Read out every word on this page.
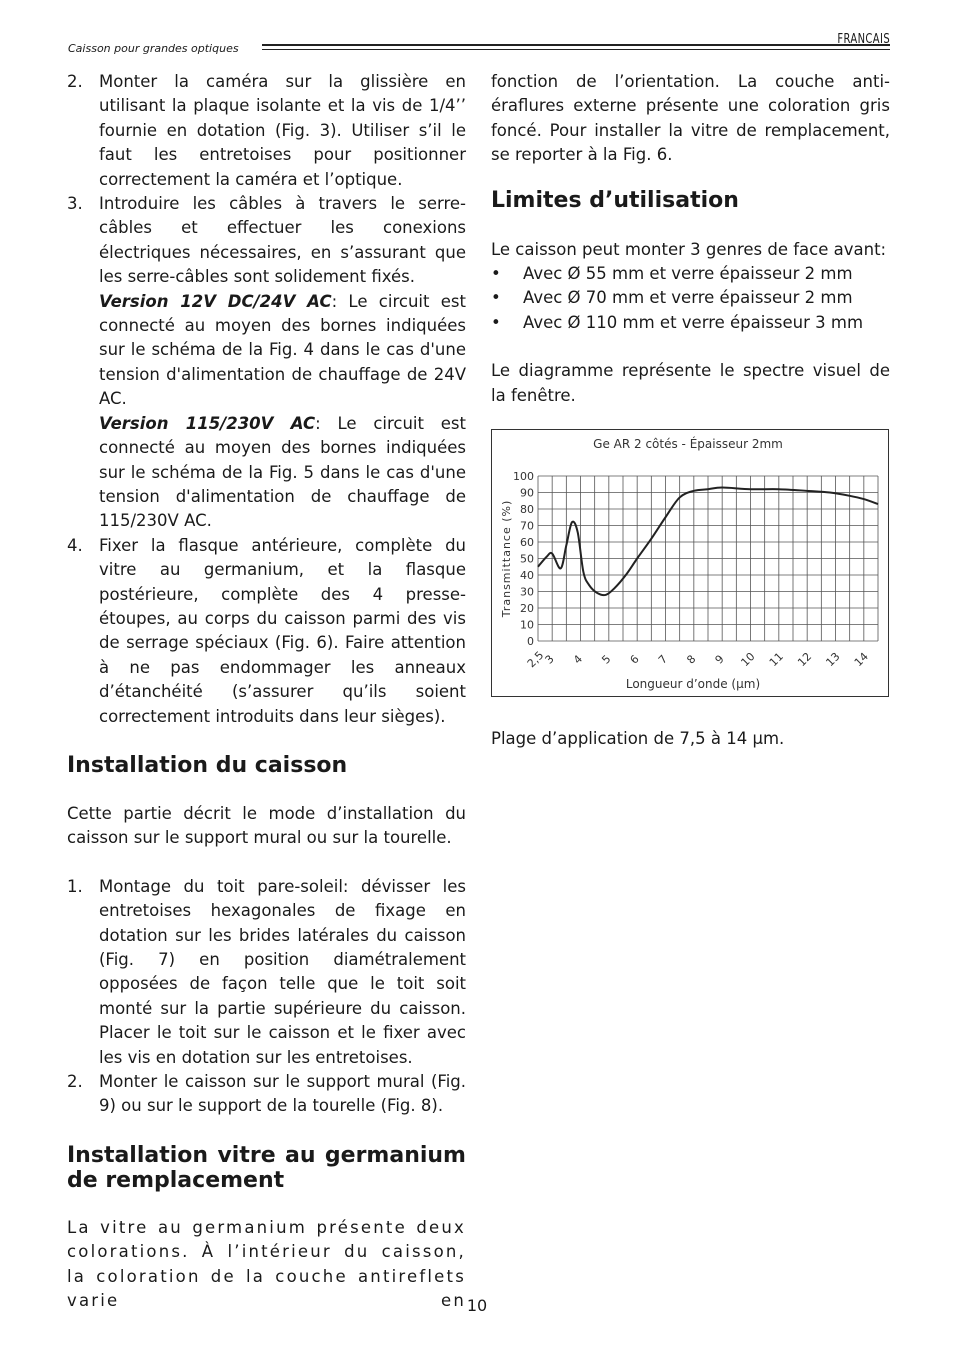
Caisson pour grandes optiques
FRANCAIS
2. Monter la caméra sur la glissière en utilisant la plaque isolante et la vis de 1/4’’ fournie en dotation (Fig. 3). Utiliser s’il le faut les entretoises pour positionner correctement la caméra et l’optique.
3. Introduire les câbles à travers le serre-câbles et effectuer les conexions électriques nécessaires, en s’assurant que les serre-câbles sont solidement fixés.

Version 12V DC/24V AC: Le circuit est connecté au moyen des bornes indiquées sur le schéma de la Fig. 4 dans le cas d'une tension d'alimentation de chauffage de 24V AC.

Version 115/230V AC: Le circuit est connecté au moyen des bornes indiquées sur le schéma de la Fig. 5 dans le cas d'une tension d'alimentation de chauffage de 115/230V AC.

4. Fixer la flasque antérieure, complète du vitre au germanium, et la flasque postérieure, complète des 4 presse-étoupes, au corps du caisson parmi des vis de serrage spéciaux (Fig. 6). Faire attention à ne pas endommager les anneaux d’étanchéité (s’assurer qu’ils soient correctement introduits dans leur sièges).
Installation du caisson

Cette partie décrit le mode d’installation du caisson sur le support mural ou sur la tourelle.

1. Montage du toit pare-soleil: dévisser les entretoises hexagonales de fixage en dotation sur les brides latérales du caisson (Fig. 7) en position diamétralement opposées de façon telle que le toit soit monté sur la partie supérieure du caisson. Placer le toit sur le caisson et le fixer avec les vis en dotation sur les entretoises.
2. Monter le caisson sur le support mural (Fig. 9) ou sur le support de la tourelle (Fig. 8).
Installation vitre au germanium de remplacement

La vitre au germanium présente deux colorations. À l’intérieur du caisson, la coloration de la couche antireflets varie en

fonction de l’orientation. La couche anti-éraflures externe présente une coloration gris foncé. Pour installer la vitre de remplacement, se reporter à la Fig. 6.

Limites d’utilisation

Le caisson peut monter 3 genres de face avant:

•	Avec Ø 55 mm et verre épaisseur 2 mm
•	Avec Ø 70 mm et verre épaisseur 2 mm
•	Avec Ø 110 mm et verre épaisseur 3 mm

Le diagramme représente le spectre visuel de la fenêtre.

Ge AR 2 côtés - Épaisseur 2mm
100
90
80
70
60
50
40
30
20
10
0
2,5
3 4 5 6 7 8 9 10 11 12 13 14
Longueur d’onde (μm)
Transmittance (%)

Plage d’application de 7,5 à 14 μm.

10
